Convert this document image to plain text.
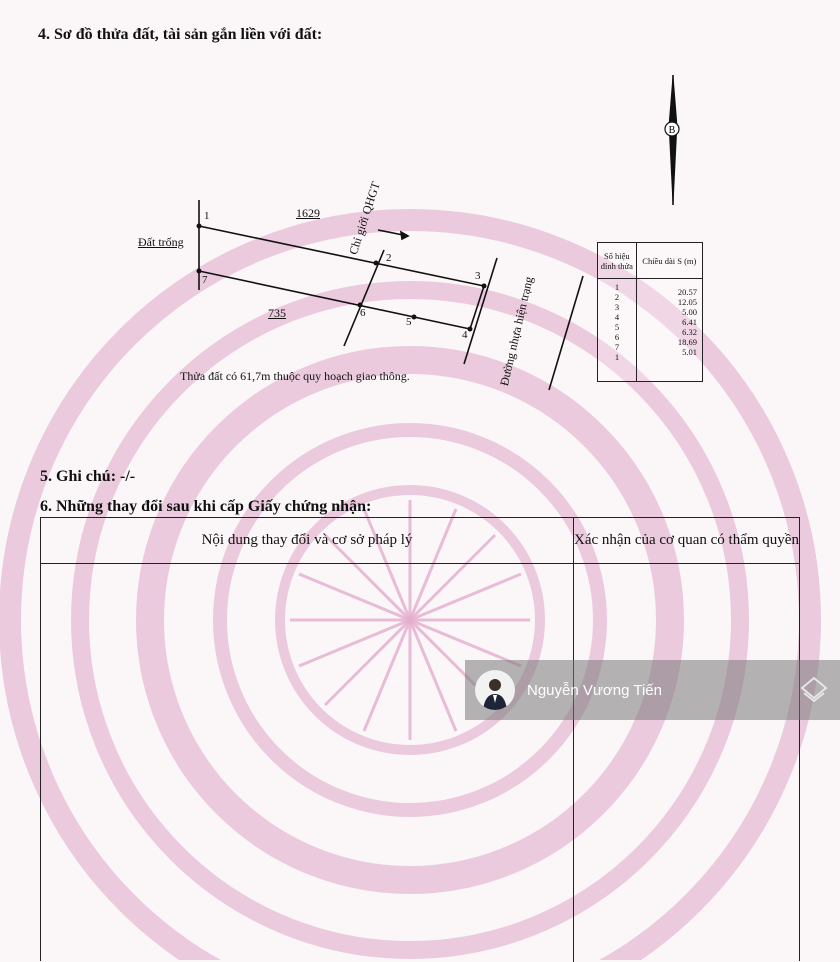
4. Sơ đồ thửa đất, tài sản gắn liền với đất:
B
1
2
3
4
5
6
7
1629
Đất trống
735
Chỉ giới QHGT
Đường nhựa hiện trạng
Thửa đất có 61,7m thuộc quy hoạch giao thông.
Số hiệu đỉnh thửa	Chiều dài S (m)
1
2
3
4
5
6
7
1
20.57
12.05
5.00
6.41
6.32
18.69
5.01
5. Ghi chú: -/-
6. Những thay đổi sau khi cấp Giấy chứng nhận:
Nội dung thay đổi và cơ sở pháp lý	Xác nhận của cơ quan có thẩm quyền
Nguyễn Vương Tiến
